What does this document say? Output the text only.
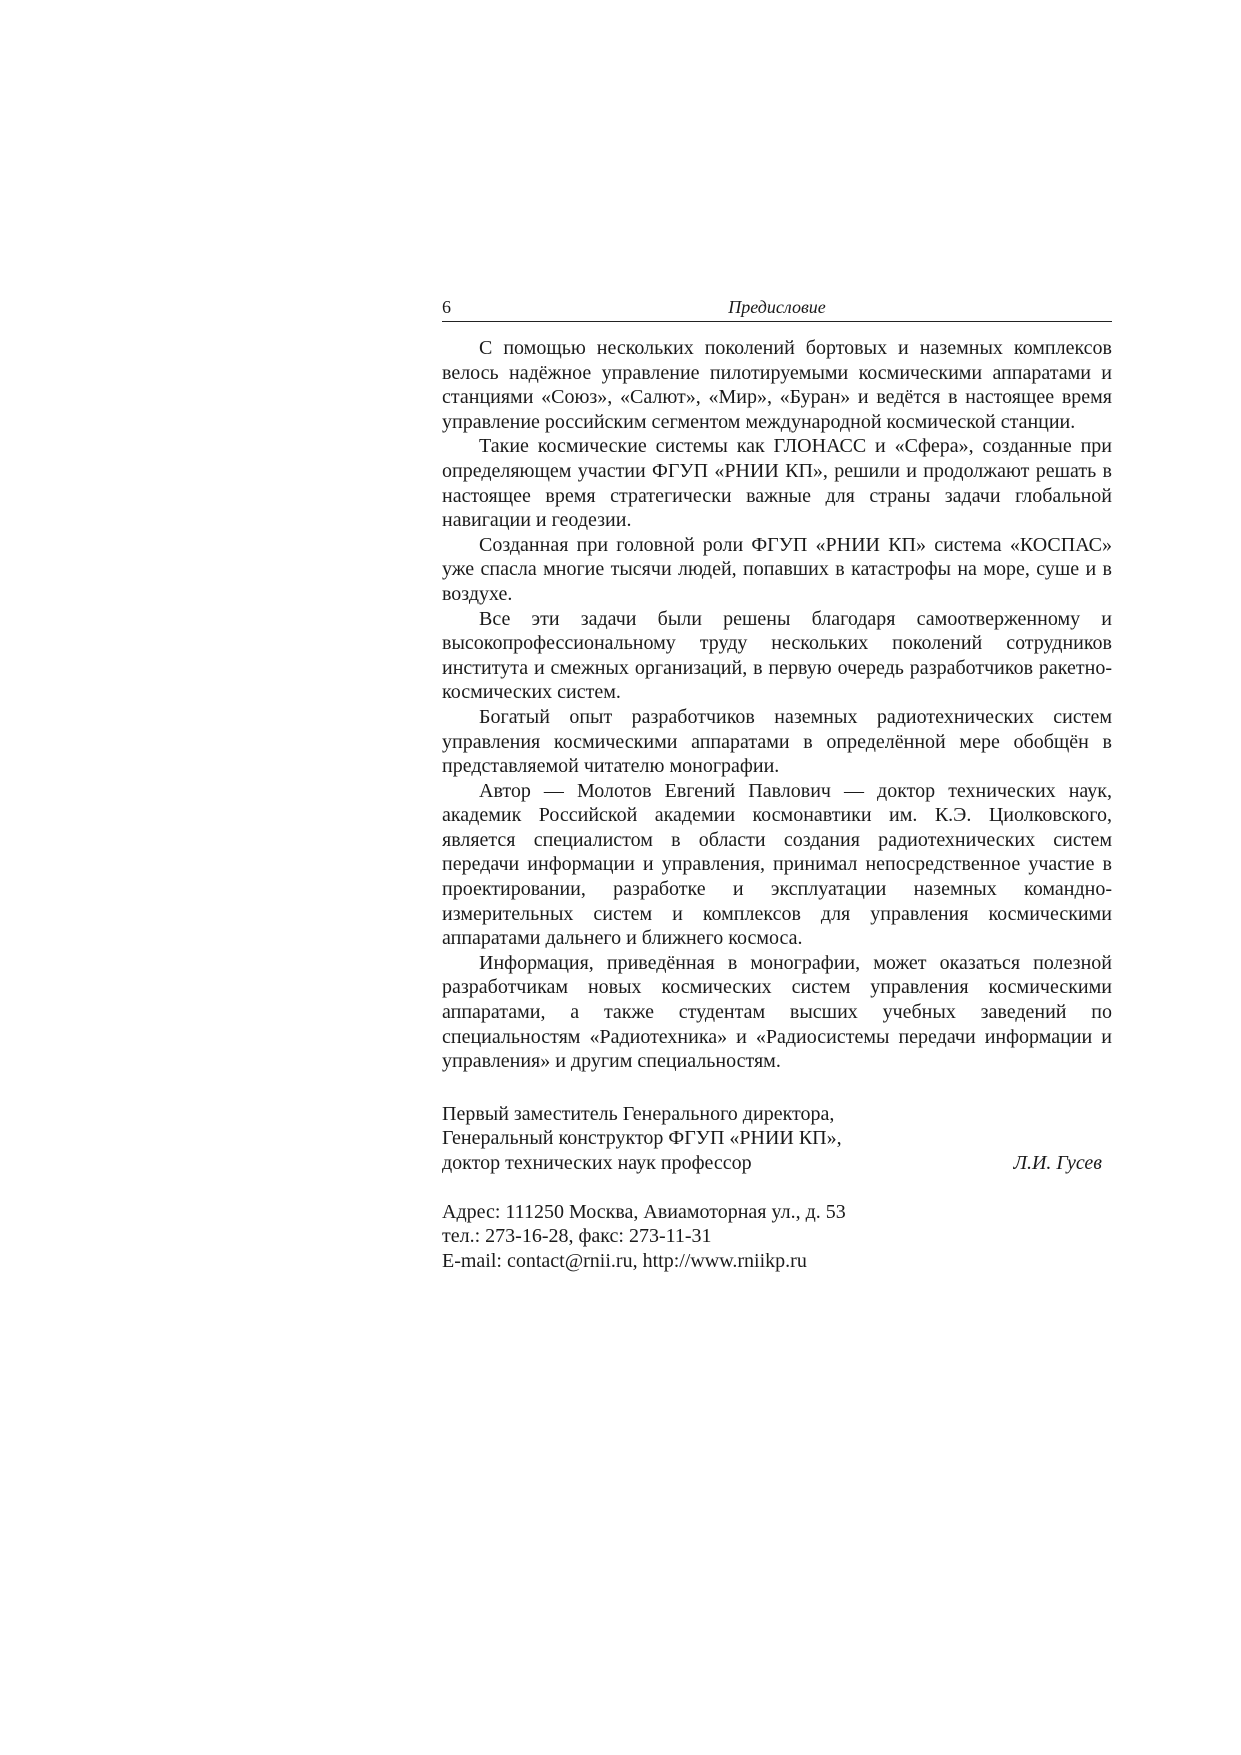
6	Предисловие

С помощью нескольких поколений бортовых и наземных комплексов велось надёжное управление пилотируемыми космическими аппаратами и станциями «Союз», «Салют», «Мир», «Буран» и ведётся в настоящее время управление российским сегментом международной космической станции.

Такие космические системы как ГЛОНАСС и «Сфера», созданные при определяющем участии ФГУП «РНИИ КП», решили и продолжают решать в настоящее время стратегически важные для страны задачи глобальной навигации и геодезии.

Созданная при головной роли ФГУП «РНИИ КП» система «КОСПАС» уже спасла многие тысячи людей, попавших в катастрофы на море, суше и в воздухе.

Все эти задачи были решены благодаря самоотверженному и высокопрофессиональному труду нескольких поколений сотрудников института и смежных организаций, в первую очередь разработчиков ракетно-космических систем.

Богатый опыт разработчиков наземных радиотехнических систем управления космическими аппаратами в определённой мере обобщён в представляемой читателю монографии.

Автор — Молотов Евгений Павлович — доктор технических наук, академик Российской академии космонавтики им. К.Э. Циолковского, является специалистом в области создания радиотехнических систем передачи информации и управления, принимал непосредственное участие в проектировании, разработке и эксплуатации наземных командно-измерительных систем и комплексов для управления космическими аппаратами дальнего и ближнего космоса.

Информация, приведённая в монографии, может оказаться полезной разработчикам новых космических систем управления космическими аппаратами, а также студентам высших учебных заведений по специальностям «Радиотехника» и «Радиосистемы передачи информации и управления» и другим специальностям.

Первый заместитель Генерального директора,
Генеральный конструктор ФГУП «РНИИ КП»,
доктор технических наук профессор	Л.И. Гусев
Адрес: 111250 Москва, Авиамоторная ул., д. 53
тел.: 273-16-28, факс: 273-11-31
E-mail: contact@rnii.ru, http://www.rniikp.ru
